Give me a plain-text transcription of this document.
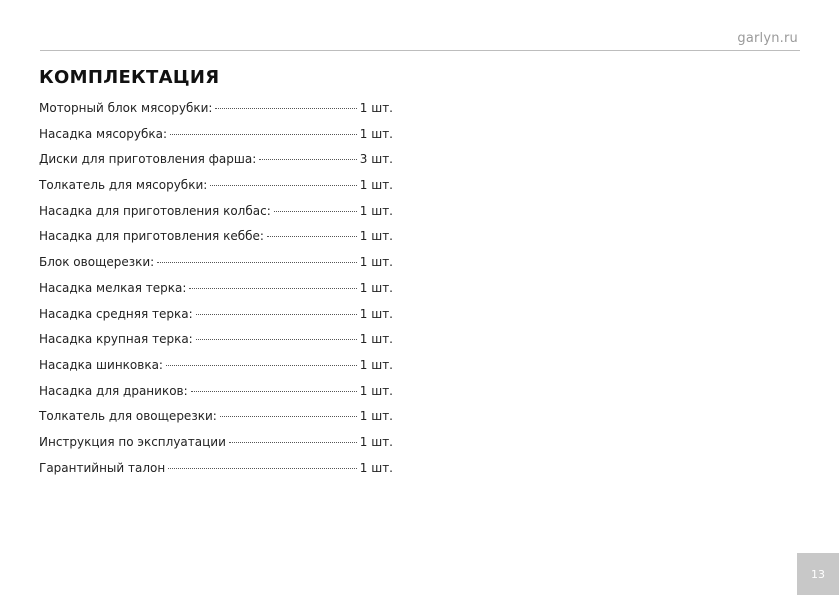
garlyn.ru
КОМПЛЕКТАЦИЯ
Моторный блок мясорубки:	1 шт.
Насадка мясорубка:	1 шт.
Диски для приготовления фарша:	3 шт.
Толкатель для мясорубки:	1 шт.
Насадка для приготовления колбас:	1 шт.
Насадка для приготовления кеббе:	1 шт.
Блок овощерезки:	1 шт.
Насадка мелкая терка:	1 шт.
Насадка средняя терка:	1 шт.
Насадка крупная терка:	1 шт.
Насадка шинковка:	1 шт.
Насадка для драников:	1 шт.
Толкатель для овощерезки:	1 шт.
Инструкция по эксплуатации	1 шт.
Гарантийный талон	1 шт.
13
